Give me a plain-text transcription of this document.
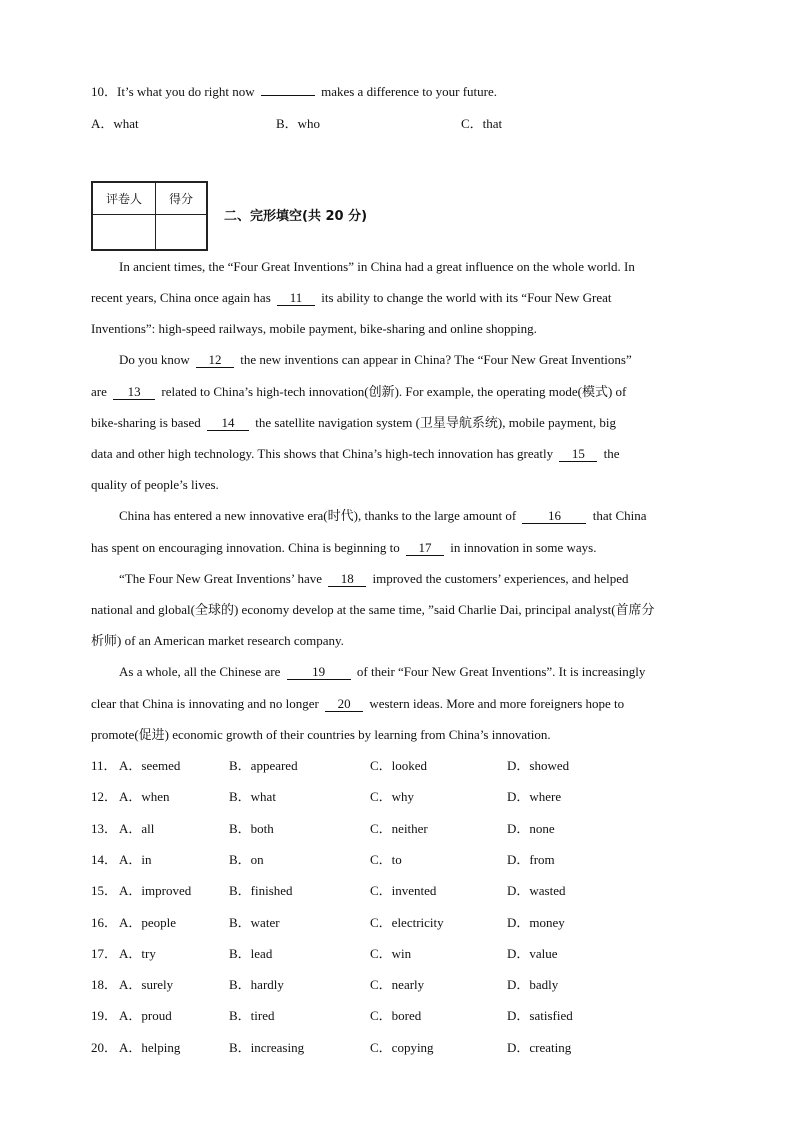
10．It’s what you do right now	makes a difference to your future.
A．what	B．who	C．that
评卷人	得分

二、完形填空(共 20 分)
In ancient times, the “Four Great Inventions” in China had a great influence on the whole world. In
recent years, China once again has 11 its ability to change the world with its “Four New Great
Inventions”: high-speed railways, mobile payment, bike-sharing and online shopping.
Do you know 12 the new inventions can appear in China? The “Four New Great Inventions”
are 13 related to China’s high-tech innovation(创新). For example, the operating mode(模式) of
bike-sharing is based 14 the satellite navigation system (卫星导航系统), mobile payment, big
data and other high technology. This shows that China’s high-tech innovation has greatly 15 the
quality of people’s lives.
China has entered a new innovative era(时代), thanks to the large amount of 16 that China
has spent on encouraging innovation. China is beginning to 17 in innovation in some ways.
“The Four New Great Inventions’ have 18 improved the customers’ experiences, and helped
national and global(全球的) economy develop at the same time, ”said Charlie Dai, principal analyst(首席分
析师) of an American market research company.
As a whole, all the Chinese are 19 of their “Four New Great Inventions”. It is increasingly
clear that China is innovating and no longer 20 western ideas. More and more foreigners hope to
promote(促进) economic growth of their countries by learning from China’s innovation.
11． A．seemed	B．appeared	C．looked	D．showed
12． A．when	B．what	C．why	D．where
13． A．all	B．both	C．neither	D．none
14． A．in	B．on	C．to	D．from
15． A．improved	B．finished	C．invented	D．wasted
16． A．people	B．water	C．electricity	D．money
17． A．try	B．lead	C．win	D．value
18． A．surely	B．hardly	C．nearly	D．badly
19． A．proud	B．tired	C．bored	D．satisfied
20． A．helping	B．increasing	C．copying	D．creating
